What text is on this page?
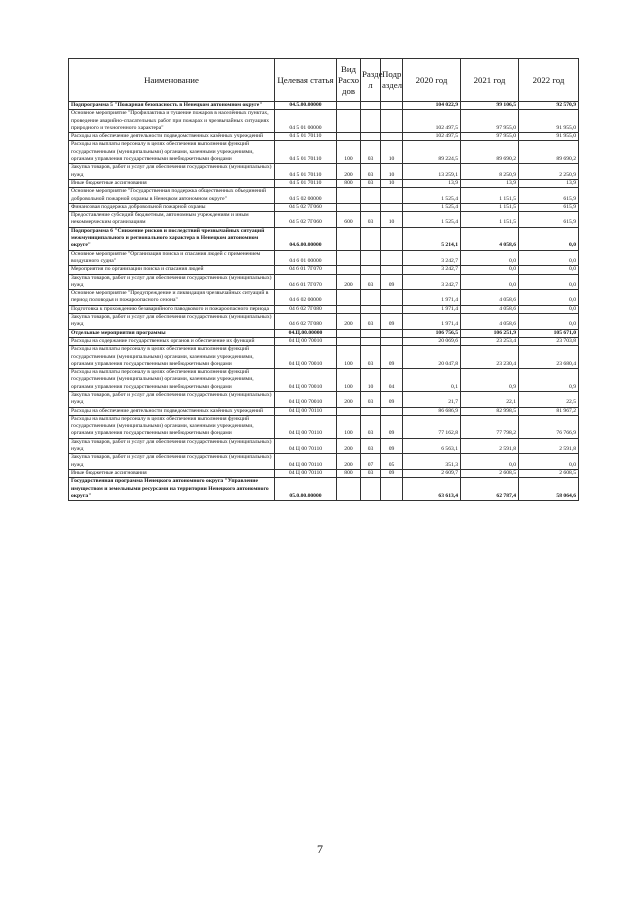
Наименование	Целевая статья	Вид Расхо дов	Разде л	Подр аздел	2020 год	2021 год	2022 год
Подпрограмма 5 "Пожарная безопасность в Ненецком автономном округе"	04.5.00.00000				104 022,9	99 106,5	92 570,9
Основное мероприятие "Профилактика и тушение пожаров в населённых пунктах, проведение аварийно-спасательных работ при пожарах и чрезвычайных ситуациях природного и техногенного характера"	04 5 01 00000				102 497,5	97 955,0	91 955,0
Расходы на обеспечение деятельности подведомственных казённых учреждений	04 5 01 70110				102 497,5	97 955,0	91 955,0
Расходы на выплаты персоналу в целях обеспечения выполнения функций государственными (муниципальными) органами, казенными учреждениями, органами управления государственными внебюджетными фондами	04 5 01 70110	100	03	10	89 224,5	89 690,2	89 690,2
Закупка товаров, работ и услуг для обеспечения государственных (муниципальных) нужд	04 5 01 70110	200	03	10	13 259,1	8 250,9	2 250,9
Иные бюджетные ассигнования	04 5 01 70110	800	03	10	13,9	13,9	13,9
Основное мероприятие "Государственная поддержка общественных объединений добровольной пожарной охраны в Ненецком автономном округе"	04 5 02 00000				1 525,4	1 151,5	615,9
Финансовая поддержка добровольной пожарной охраны	04 5 02 7Г060				1 525,4	1 151,5	615,9
Предоставление субсидий бюджетным, автономным учреждениям и иным некоммерческим организациям	04 5 02 7Г060	600	03	10	1 525,4	1 151,5	615,9
Подпрограмма 6 "Снижение рисков и последствий чрезвычайных ситуаций межмуниципального и регионального характера в Ненецком автономном округе"	04.6.00.00000				5 214,1	4 058,6	0,0
Основное мероприятие "Организация поиска и спасания людей с применением воздушного судна"	04 6 01 00000				3 242,7	0,0	0,0
Мероприятия по организации поиска и спасания людей	04 6 01 7Г070				3 242,7	0,0	0,0
Закупка товаров, работ и услуг для обеспечения государственных (муниципальных) нужд	04 6 01 7Г070	200	03	09	3 242,7	0,0	0,0
Основное мероприятие "Предупреждение и ликвидация чрезвычайных ситуаций в период половодья и пожароопасного сезона"	04 6 02 00000				1 971,4	4 058,6	0,0
Подготовка к прохождению безаварийного паводкового и пожароопасного периода	04 6 02 7Г080				1 971,4	4 058,6	0,0
Закупка товаров, работ и услуг для обеспечения государственных (муниципальных) нужд	04 6 02 7Г080	200	03	09	1 971,4	4 058,6	0,0
Отдельные мероприятия программы	04.Ц.00.00000				106 756,5	106 251,9	105 671,0
Расходы на содержание государственных органов и обеспечение их функций	04 Ц 00 70010				20 069,6	23 253,4	23 703,8
Расходы на выплаты персоналу в целях обеспечения выполнения функций государственными (муниципальными) органами, казенными учреждениями, органами управления государственными внебюджетными фондами	04 Ц 00 70010	100	03	09	20 047,8	23 230,4	23 680,4
Расходы на выплаты персоналу в целях обеспечения выполнения функций государственными (муниципальными) органами, казенными учреждениями, органами управления государственными внебюджетными фондами	04 Ц 00 70010	100	10	04	0,1	0,9	0,9
Закупка товаров, работ и услуг для обеспечения государственных (муниципальных) нужд	04 Ц 00 70010	200	03	09	21,7	22,1	22,5
Расходы на обеспечение деятельности подведомственных казённых учреждений	04 Ц 00 70110				86 686,9	82 998,5	81 967,2
Расходы на выплаты персоналу в целях обеспечения выполнения функций государственными (муниципальными) органами, казенными учреждениями, органами управления государственными внебюджетными фондами	04 Ц 00 70110	100	03	09	77 162,8	77 798,2	76 766,9
Закупка товаров, работ и услуг для обеспечения государственных (муниципальных) нужд	04 Ц 00 70110	200	03	09	6 563,1	2 591,8	2 591,8
Закупка товаров, работ и услуг для обеспечения государственных (муниципальных) нужд	04 Ц 00 70110	200	07	05	351,3	0,0	0,0
Иные бюджетные ассигнования	04 Ц 00 70110	800	03	09	2 609,7	2 608,5	2 608,5
Государственная программа Ненецкого автономного округа "Управление имуществом и земельными ресурсами на территории Ненецкого автономного округа"	05.0.00.00000				63 613,4	62 787,4	58 064,6
7
